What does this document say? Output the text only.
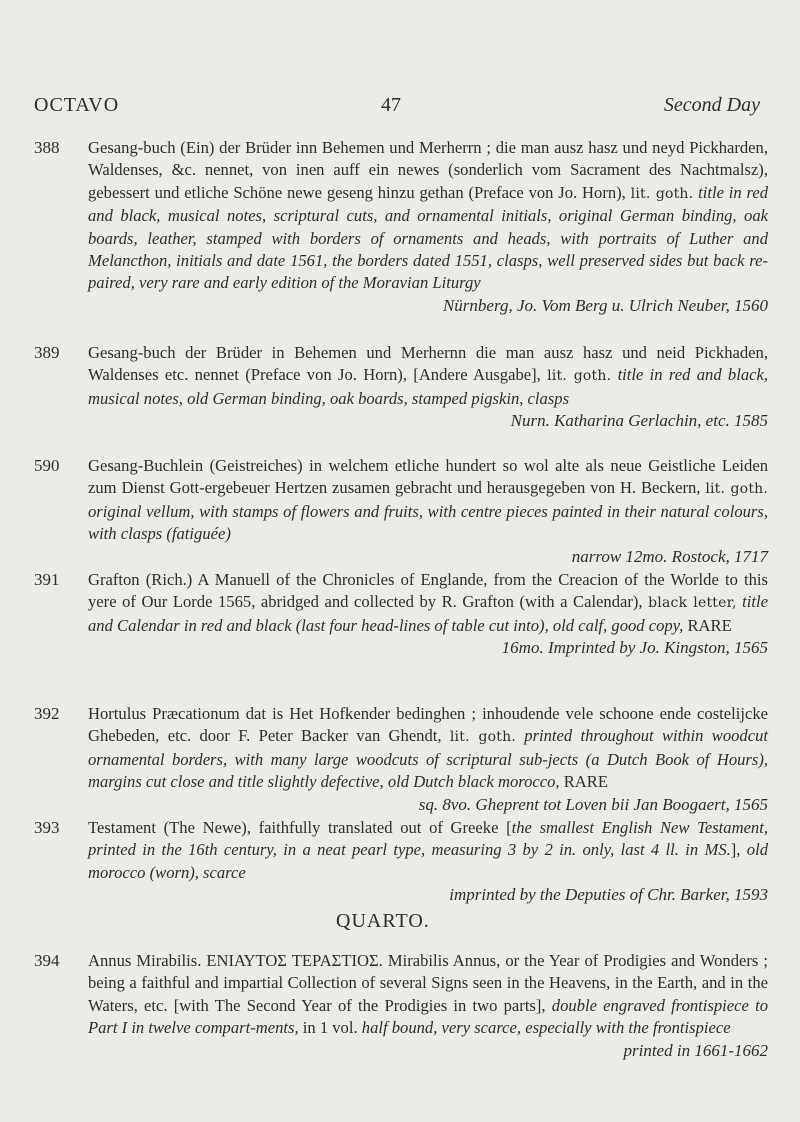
OCTAVO	47	Second Day
388	Gesang-buch (Ein) der Brüder inn Behemen und Merherrn ; die man ausz hasz und neyd Pickharden, Waldenses, &c. nennet, von inen auff ein newes (sonderlich vom Sacrament des Nachtmalsz), gebessert und etliche Schöne newe geseng hinzu gethan (Preface von Jo. Horn), lit. goth. title in red and black, musical notes, scriptural cuts, and ornamental initials, original German binding, oak boards, leather, stamped with borders of ornaments and heads, with portraits of Luther and Melancthon, initials and date 1561, the borders dated 1551, clasps, well preserved sides but back re-paired, very rare and early edition of the Moravian Liturgy
Nürnberg, Jo. Vom Berg u. Ulrich Neuber, 1560
389	Gesang-buch der Brüder in Behemen und Merhernn die man ausz hasz und neid Pickhaden, Waldenses etc. nennet (Preface von Jo. Horn), [Andere Ausgabe], lit. goth. title in red and black, musical notes, old German binding, oak boards, stamped pigskin, clasps
Nurn. Katharina Gerlachin, etc. 1585
590	Gesang-Buchlein (Geistreiches) in welchem etliche hundert so wol alte als neue Geistliche Leiden zum Dienst Gott-ergebeuer Hertzen zusamen gebracht und herausgegeben von H. Beckern, lit. goth. original vellum, with stamps of flowers and fruits, with centre pieces painted in their natural colours, with clasps (fatiguée)
narrow 12mo. Rostock, 1717
391	Grafton (Rich.) A Manuell of the Chronicles of Englande, from the Creacion of the Worlde to this yere of Our Lorde 1565, abridged and collected by R. Grafton (with a Calendar), black letter, title and Calendar in red and black (last four head-lines of table cut into), old calf, good copy, RARE
16mo. Imprinted by Jo. Kingston, 1565
392	Hortulus Præcationum dat is Het Hofkender bedinghen ; inhoudende vele schoone ende costelijcke Ghebeden, etc. door F. Peter Backer van Ghendt, lit. goth. printed throughout within woodcut ornamental borders, with many large woodcuts of scriptural sub-jects (a Dutch Book of Hours), margins cut close and title slightly defective, old Dutch black morocco, RARE
sq. 8vo. Gheprent tot Loven bii Jan Boogaert, 1565
393	Testament (The Newe), faithfully translated out of Greeke [the smallest English New Testament, printed in the 16th century, in a neat pearl type, measuring 3 by 2 in. only, last 4 ll. in MS.], old morocco (worn), scarce
imprinted by the Deputies of Chr. Barker, 1593
QUARTO.
394	Annus Mirabilis. ΕΝΙΑΥΤΟΣ ΤΕΡΑΣΤΙΟΣ. Mirabilis Annus, or the Year of Prodigies and Wonders ; being a faithful and impartial Collection of several Signs seen in the Heavens, in the Earth, and in the Waters, etc. [with The Second Year of the Prodigies in two parts], double engraved frontispiece to Part I in twelve compart-ments, in 1 vol. half bound, very scarce, especially with the frontispiece
printed in 1661-1662
